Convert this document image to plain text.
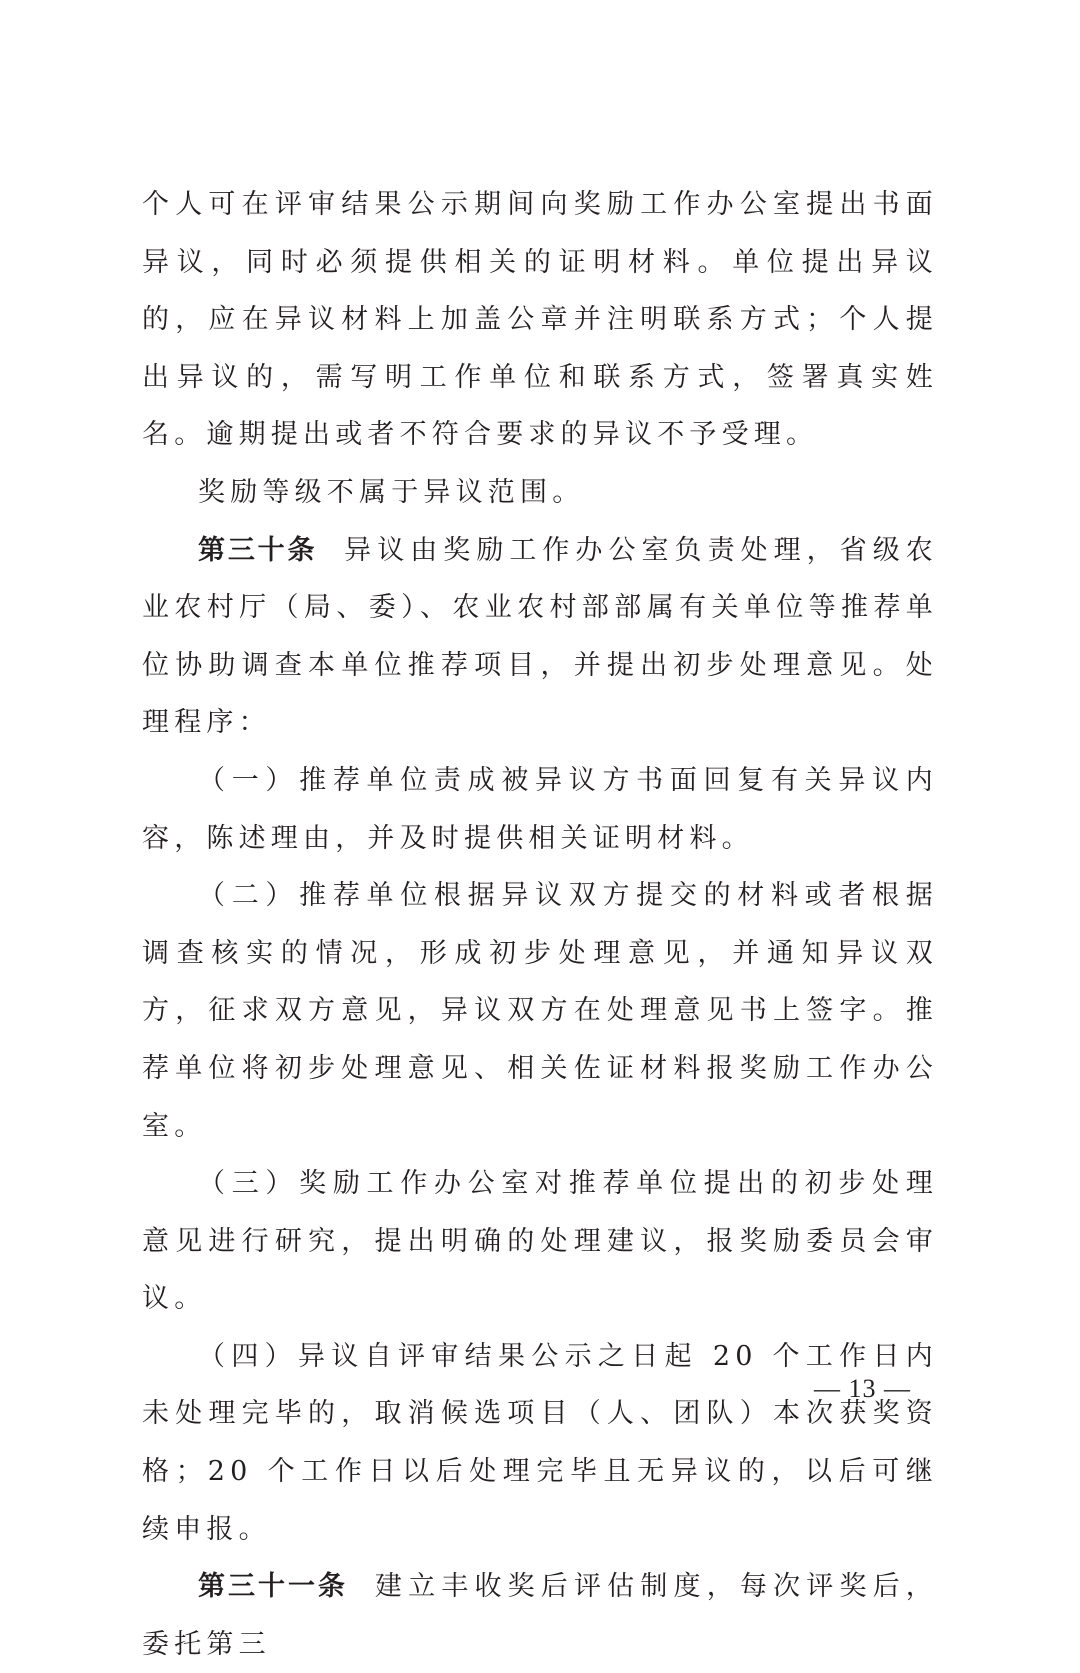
个人可在评审结果公示期间向奖励工作办公室提出书面异议，同时必须提供相关的证明材料。单位提出异议的，应在异议材料上加盖公章并注明联系方式；个人提出异议的，需写明工作单位和联系方式，签署真实姓名。逾期提出或者不符合要求的异议不予受理。

奖励等级不属于异议范围。

第三十条 异议由奖励工作办公室负责处理，省级农业农村厅（局、委）、农业农村部部属有关单位等推荐单位协助调查本单位推荐项目，并提出初步处理意见。处理程序：

（一）推荐单位责成被异议方书面回复有关异议内容，陈述理由，并及时提供相关证明材料。

（二）推荐单位根据异议双方提交的材料或者根据调查核实的情况，形成初步处理意见，并通知异议双方，征求双方意见，异议双方在处理意见书上签字。推荐单位将初步处理意见、相关佐证材料报奖励工作办公室。

（三）奖励工作办公室对推荐单位提出的初步处理意见进行研究，提出明确的处理建议，报奖励委员会审议。

（四）异议自评审结果公示之日起 20 个工作日内未处理完毕的，取消候选项目（人、团队）本次获奖资格；20 个工作日以后处理完毕且无异议的，以后可继续申报。

第三十一条 建立丰收奖后评估制度，每次评奖后，委托第三

— 13 —
